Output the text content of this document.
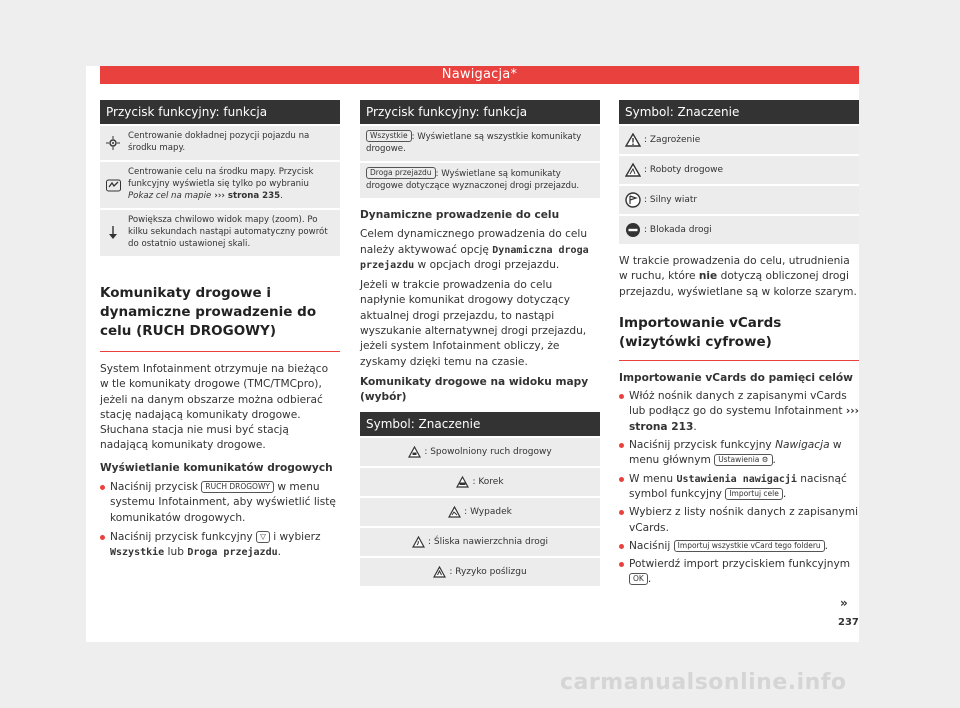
Nawigacja*
Przycisk funkcyjny: funkcja
Centrowanie dokładnej pozycji pojazdu na środku mapy.
Centrowanie celu na środku mapy. Przycisk funkcyjny wyświetla się tylko po wybraniu Pokaz cel na mapie ››› strona 235.
Powiększa chwilowo widok mapy (zoom). Po kilku sekundach nastąpi automatyczny powrót do ostatnio ustawionej skali.

Komunikaty drogowe i dynamiczne prowadzenie do celu (RUCH DROGOWY)

System Infotainment otrzymuje na bieżąco w tle komunikaty drogowe (TMC/TMCpro), jeżeli na danym obszarze można odbierać stację nadającą komunikaty drogowe. Słuchana stacja nie musi być stacją nadającą komunikaty drogowe.

Wyświetlanie komunikatów drogowych

Naciśnij przycisk RUCH DROGOWY w menu systemu Infotainment, aby wyświetlić listę komunikatów drogowych.

Naciśnij przycisk funkcyjny ▽ i wybierz Wszystkie lub Droga przejazdu.

Przycisk funkcyjny: funkcja
Wszystkie : Wyświetlane są wszystkie komunikaty drogowe.
Droga przejazdu : Wyświetlane są komunikaty drogowe dotyczące wyznaczonej drogi przejazdu.

Dynamiczne prowadzenie do celu

Celem dynamicznego prowadzenia do celu należy aktywować opcję Dynamiczna droga przejazdu w opcjach drogi przejazdu.

Jeżeli w trakcie prowadzenia do celu napłynie komunikat drogowy dotyczący aktualnej drogi przejazdu, to nastąpi wyszukanie alternatywnej drogi przejazdu, jeżeli system Infotainment obliczy, że zyskamy dzięki temu na czasie.

Komunikaty drogowe na widoku mapy (wybór)

Symbol: Znaczenie
: Spowolniony ruch drogowy
: Korek
: Wypadek
: Śliska nawierzchnia drogi
: Ryzyko poślizgu
Symbol: Znaczenie
: Zagrożenie
: Roboty drogowe
: Silny wiatr
: Blokada drogi

W trakcie prowadzenia do celu, utrudnienia w ruchu, które nie dotyczą obliczonej drogi przejazdu, wyświetlane są w kolorze szarym.

Importowanie vCards (wizytówki cyfrowe)

Importowanie vCards do pamięci celów

Włóż nośnik danych z zapisanymi vCards lub podłącz go do systemu Infotainment ››› strona 213.

Naciśnij przycisk funkcyjny Nawigacja w menu głównym Ustawienia ⚙ .

W menu Ustawienia nawigacji nacisnąć symbol funkcyjny Importuj cele .

Wybierz z listy nośnik danych z zapisanymi vCards.

Naciśnij Importuj wszystkie vCard tego folderu .

Potwierdź import przyciskiem funkcyjnym OK .

»
237
carmanualsonline.info
